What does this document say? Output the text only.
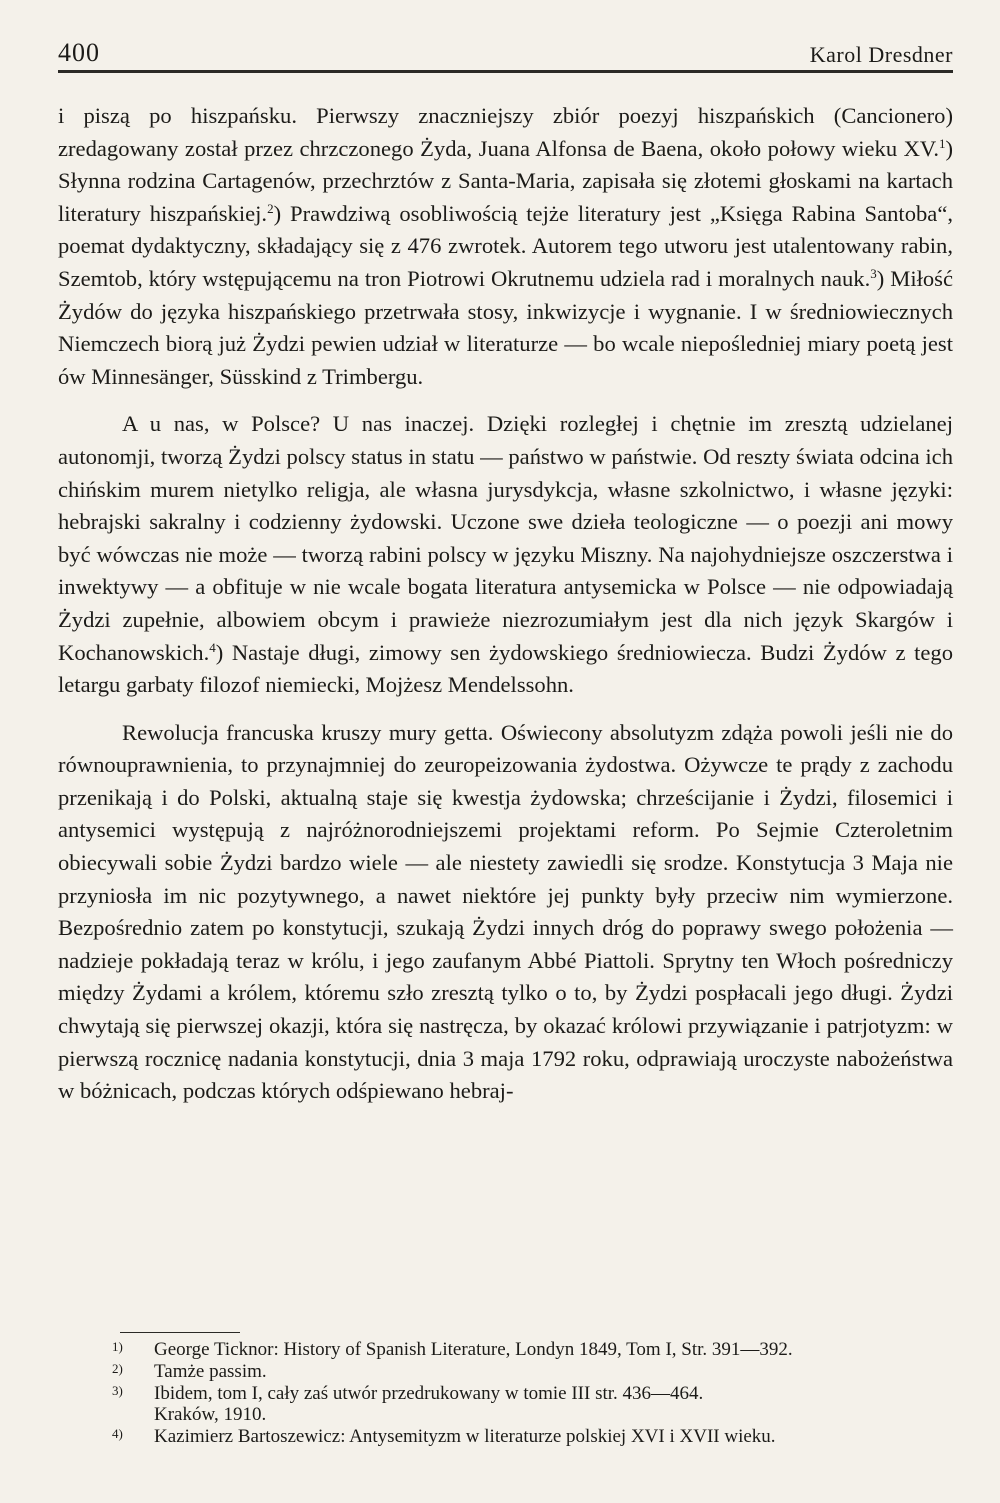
400	Karol Dresdner

i piszą po hiszpańsku. Pierwszy znaczniejszy zbiór poezyj hiszpańskich (Cancionero) zredagowany został przez chrzczonego Żyda, Juana Alfonsa de Baena, około połowy wieku XV.$^1$) Słynna rodzina Cartagenów, przechrztów z Santa-Maria, zapisała się złotemi głoskami na kartach literatury hiszpańskiej.$^2$) Prawdziwą osobliwością tejże literatury jest „Księga Rabina Santoba“, poemat dydaktyczny, składający się z 476 zwrotek. Autorem tego utworu jest utalentowany rabin, Szemtob, który wstępującemu na tron Piotrowi Okrutnemu udziela rad i moralnych nauk.$^3$) Miłość Żydów do języka hiszpańskiego przetrwała stosy, inkwizycje i wygnanie. I w średniowiecznych Niemczech biorą już Żydzi pewien udział w literaturze — bo wcale niepośledniej miary poetą jest ów Minnesänger, Süsskind z Trimbergu.

A u nas, w Polsce? U nas inaczej. Dzięki rozległej i chętnie im zresztą udzielanej autonomji, tworzą Żydzi polscy status in statu — państwo w państwie. Od reszty świata odcina ich chińskim murem nietylko religja, ale własna jurysdykcja, własne szkolnictwo, i własne języki: hebrajski sakralny i codzienny żydowski. Uczone swe dzieła teologiczne — o poezji ani mowy być wówczas nie może — tworzą rabini polscy w języku Miszny. Na najohydniejsze oszczerstwa i inwektywy — a obfituje w nie wcale bogata literatura antysemicka w Polsce — nie odpowiadają Żydzi zupełnie, albowiem obcym i prawieże niezrozumiałym jest dla nich język Skargów i Kochanowskich.$^4$) Nastaje długi, zimowy sen żydowskiego średniowiecza. Budzi Żydów z tego letargu garbaty filozof niemiecki, Mojżesz Mendelssohn.

Rewolucja francuska kruszy mury getta. Oświecony absolutyzm zdąża powoli jeśli nie do równouprawnienia, to przynajmniej do zeuropeizowania żydostwa. Ożywcze te prądy z zachodu przenikają i do Polski, aktualną staje się kwestja żydowska; chrześcijanie i Żydzi, filosemici i antysemici występują z najróżnorodniejszemi projektami reform. Po Sejmie Czteroletnim obiecywali sobie Żydzi bardzo wiele — ale niestety zawiedli się srodze. Konstytucja 3 Maja nie przyniosła im nic pozytywnego, a nawet niektóre jej punkty były przeciw nim wymierzone. Bezpośrednio zatem po konstytucji, szukają Żydzi innych dróg do poprawy swego położenia — nadzieje pokładają teraz w królu, i jego zaufanym Abbé Piattoli. Sprytny ten Włoch pośredniczy między Żydami a królem, któremu szło zresztą tylko o to, by Żydzi pospłacali jego długi. Żydzi chwytają się pierwszej okazji, która się nastręcza, by okazać królowi przywiązanie i patrjotyzm: w pierwszą rocznicę nadania konstytucji, dnia 3 maja 1792 roku, odprawiają uroczyste nabożeństwa w bóżnicach, podczas których odśpiewano hebraj-

1)	George Ticknor: History of Spanish Literature, Londyn 1849, Tom I, Str. 391—392.
2)	Tamże passim.
3)	Ibidem, tom I, cały zaś utwór przedrukowany w tomie III str. 436—464.
Kraków, 1910.
4)	Kazimierz Bartoszewicz: Antysemityzm w literaturze polskiej XVI i XVII wieku.
